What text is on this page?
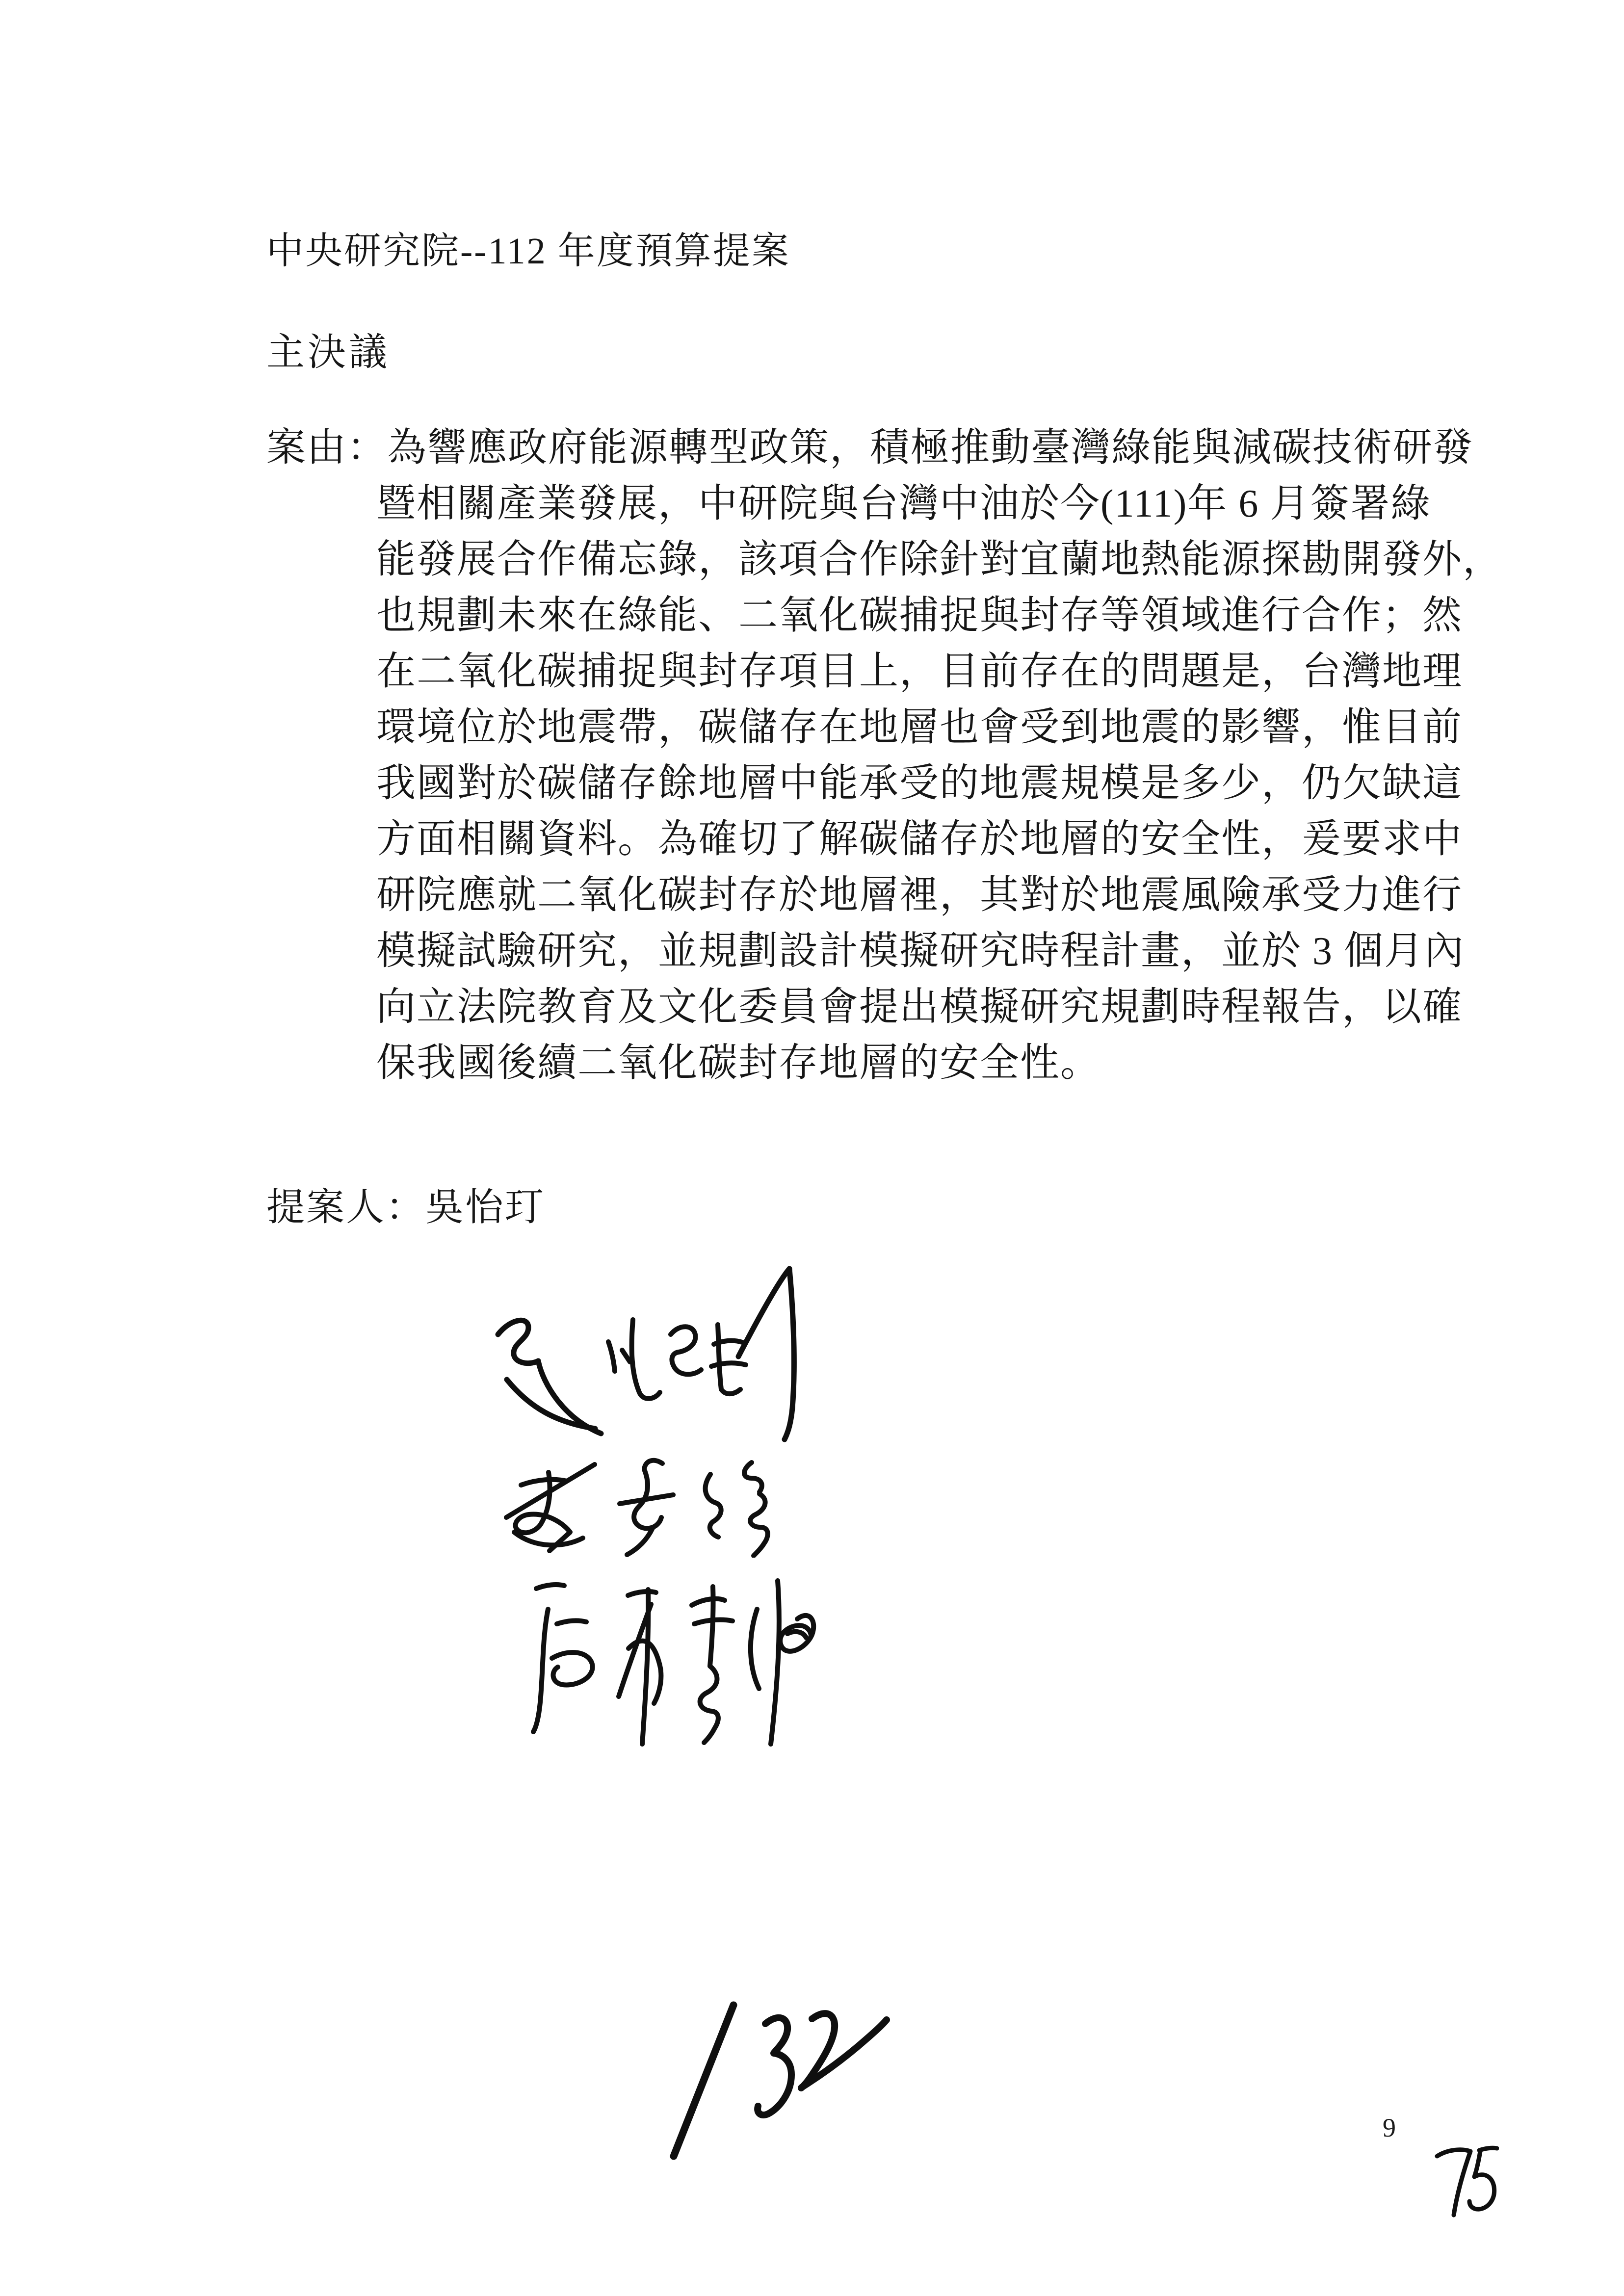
中央研究院--112 年度預算提案
主決議
案由：為響應政府能源轉型政策，積極推動臺灣綠能與減碳技術研發
暨相關產業發展，中研院與台灣中油於今(111)年 6 月簽署綠
能發展合作備忘錄，該項合作除針對宜蘭地熱能源探勘開發外，
也規劃未來在綠能、二氧化碳捕捉與封存等領域進行合作；然
在二氧化碳捕捉與封存項目上，目前存在的問題是，台灣地理
環境位於地震帶，碳儲存在地層也會受到地震的影響，惟目前
我國對於碳儲存餘地層中能承受的地震規模是多少，仍欠缺這
方面相關資料。為確切了解碳儲存於地層的安全性，爰要求中
研院應就二氧化碳封存於地層裡，其對於地震風險承受力進行
模擬試驗研究，並規劃設計模擬研究時程計畫，並於 3 個月內
向立法院教育及文化委員會提出模擬研究規劃時程報告，以確
保我國後續二氧化碳封存地層的安全性。
提案人：吳怡玎
9
